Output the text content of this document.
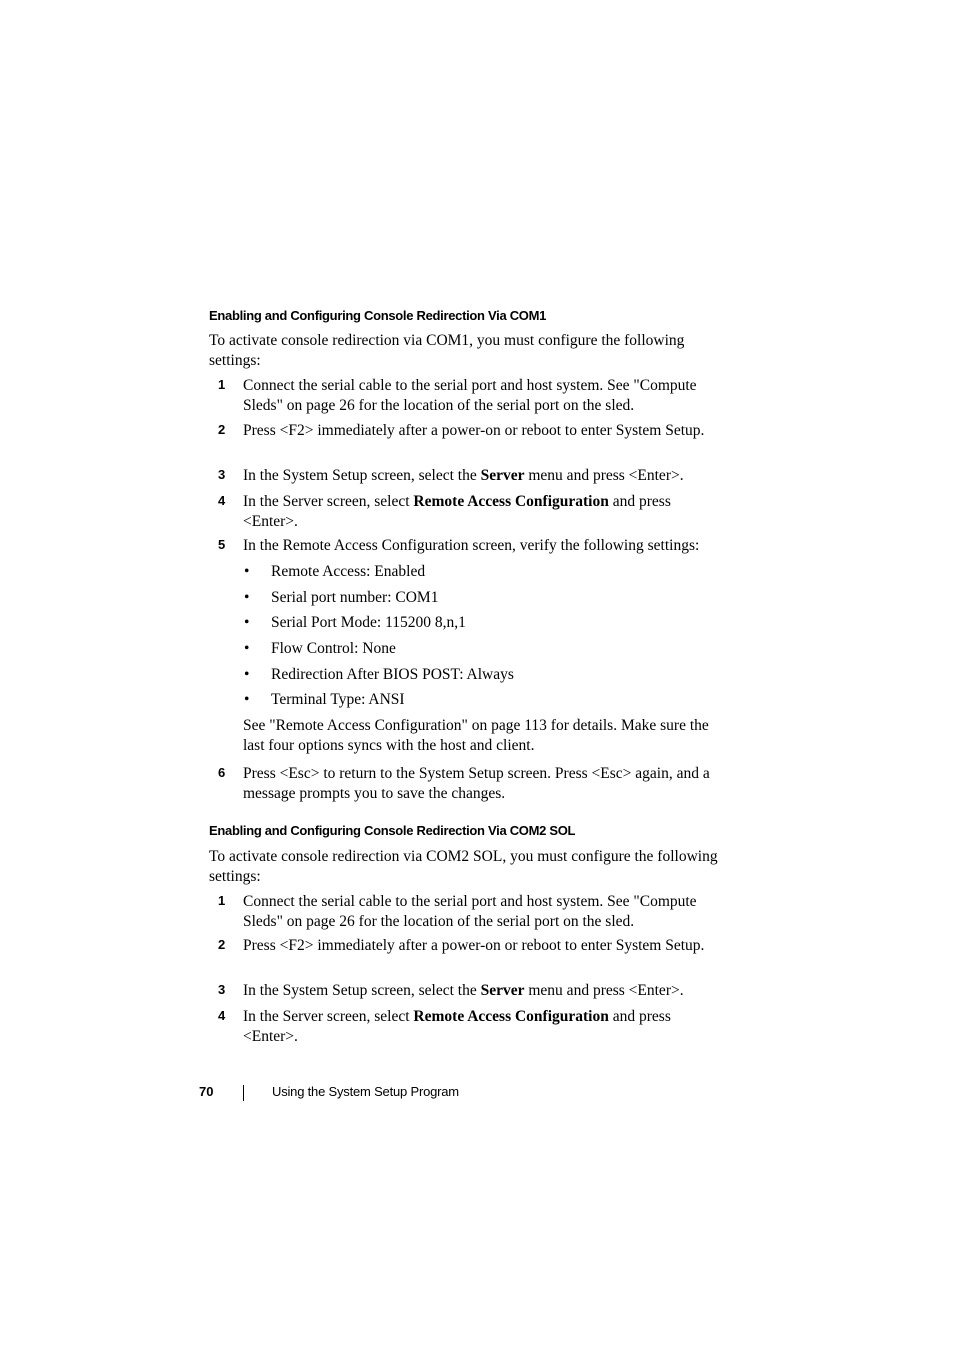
Enabling and Configuring Console Redirection Via COM1
To activate console redirection via COM1, you must configure the following settings:
1 Connect the serial cable to the serial port and host system. See "Compute Sleds" on page 26 for the location of the serial port on the sled.
2 Press <F2> immediately after a power-on or reboot to enter System Setup.
3 In the System Setup screen, select the Server menu and press <Enter>.
4 In the Server screen, select Remote Access Configuration and press <Enter>.
5 In the Remote Access Configuration screen, verify the following settings:
• Remote Access: Enabled
• Serial port number: COM1
• Serial Port Mode: 115200 8,n,1
• Flow Control: None
• Redirection After BIOS POST: Always
• Terminal Type: ANSI
See "Remote Access Configuration" on page 113 for details. Make sure the last four options syncs with the host and client.
6 Press <Esc> to return to the System Setup screen. Press <Esc> again, and a message prompts you to save the changes.
Enabling and Configuring Console Redirection Via COM2 SOL
To activate console redirection via COM2 SOL, you must configure the following settings:
1 Connect the serial cable to the serial port and host system. See "Compute Sleds" on page 26 for the location of the serial port on the sled.
2 Press <F2> immediately after a power-on or reboot to enter System Setup.
3 In the System Setup screen, select the Server menu and press <Enter>.
4 In the Server screen, select Remote Access Configuration and press <Enter>.
70	Using the System Setup Program
